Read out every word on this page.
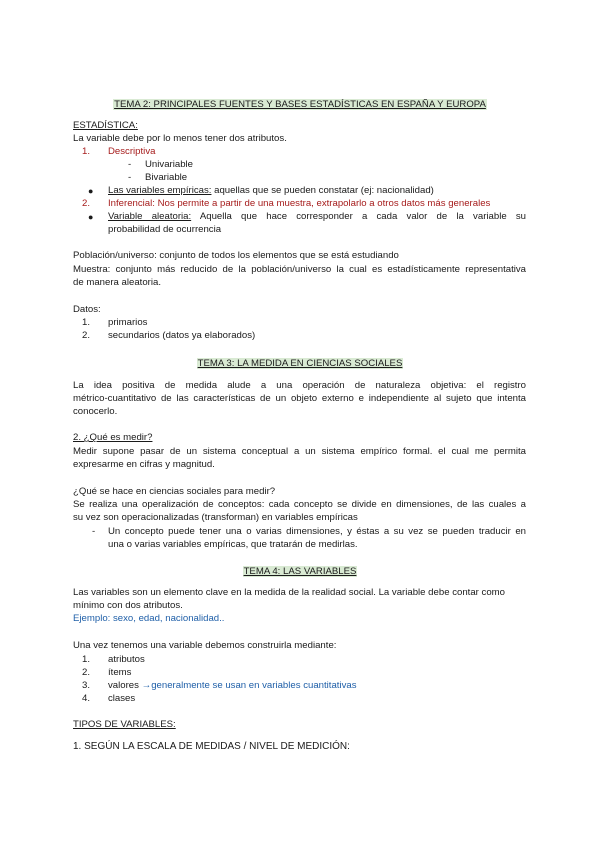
TEMA 2: PRINCIPALES FUENTES Y BASES ESTADÍSTICAS EN ESPAÑA Y EUROPA
ESTADÍSTICA:
La variable debe por lo menos tener dos atributos.
1. Descriptiva
- Univariable
- Bivariable
● Las variables empíricas: aquellas que se pueden constatar (ej: nacionalidad)
2. Inferencial: Nos permite a partir de una muestra, extrapolarlo a otros datos más generales
● Variable aleatoria: Aquella que hace corresponder a cada valor de la variable su
probabilidad de ocurrencia
Población/universo: conjunto de todos los elementos que se está estudiando
Muestra: conjunto más reducido de la población/universo la cual es estadísticamente representativa
de manera aleatoria.
Datos:
1. primarios
2. secundarios (datos ya elaborados)
TEMA 3: LA MEDIDA EN CIENCIAS SOCIALES
La idea positiva de medida alude a una operación de naturaleza objetiva: el registro
métrico-cuantitativo de las características de un objeto externo e independiente al sujeto que intenta
conocerlo.
2. ¿Qué es medir?
Medir supone pasar de un sistema conceptual a un sistema empírico formal. el cual me permita
expresarme en cifras y magnitud.
¿Qué se hace en ciencias sociales para medir?
Se realiza una operalización de conceptos: cada concepto se divide en dimensiones, de las cuales a
su vez son operacionalizadas (transforman) en variables empíricas
- Un concepto puede tener una o varias dimensiones, y éstas a su vez se pueden traducir en
una o varias variables empíricas, que tratarán de medirlas.
TEMA 4: LAS VARIABLES
Las variables son un elemento clave en la medida de la realidad social. La variable debe contar como
mínimo con dos atributos.
Ejemplo: sexo, edad, nacionalidad..
Una vez tenemos una variable debemos construirla mediante:
1. atributos
2. ítems
3. valores →generalmente se usan en variables cuantitativas
4. clases
TIPOS DE VARIABLES:
1. SEGÚN LA ESCALA DE MEDIDAS / NIVEL DE MEDICIÓN:
